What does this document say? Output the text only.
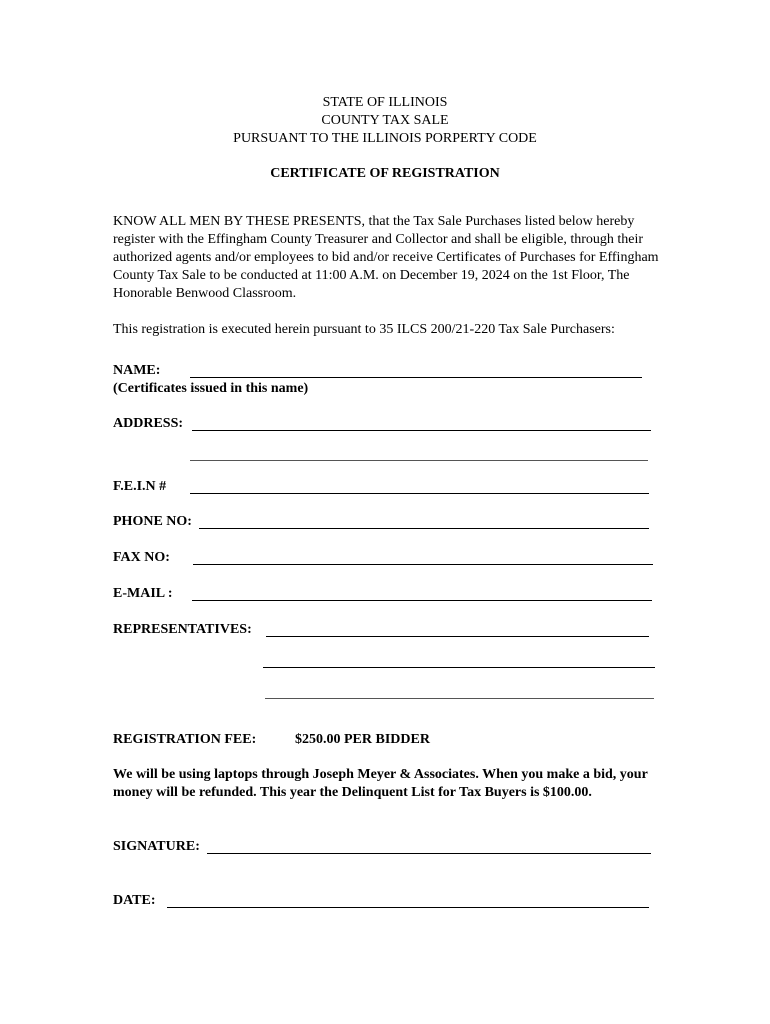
STATE OF ILLINOIS
COUNTY TAX SALE
PURSUANT TO THE ILLINOIS PORPERTY CODE
CERTIFICATE OF REGISTRATION
KNOW ALL MEN BY THESE PRESENTS, that the Tax Sale Purchases listed below hereby register with the Effingham County Treasurer and Collector and shall be eligible, through their authorized agents and/or employees to bid and/or receive Certificates of Purchases for Effingham County Tax Sale to be conducted at 11:00 A.M. on December 19, 2024 on the 1st Floor, The Honorable Benwood Classroom.
This registration is executed herein pursuant to 35 ILCS 200/21-220 Tax Sale Purchasers:
NAME:
(Certificates issued in this name)
ADDRESS:
F.E.I.N #
PHONE NO:
FAX NO:
E-MAIL :
REPRESENTATIVES:
REGISTRATION FEE:	$250.00 PER BIDDER
We will be using laptops through Joseph Meyer & Associates. When you make a bid, your money will be refunded. This year the Delinquent List for Tax Buyers is $100.00.
SIGNATURE:
DATE:
